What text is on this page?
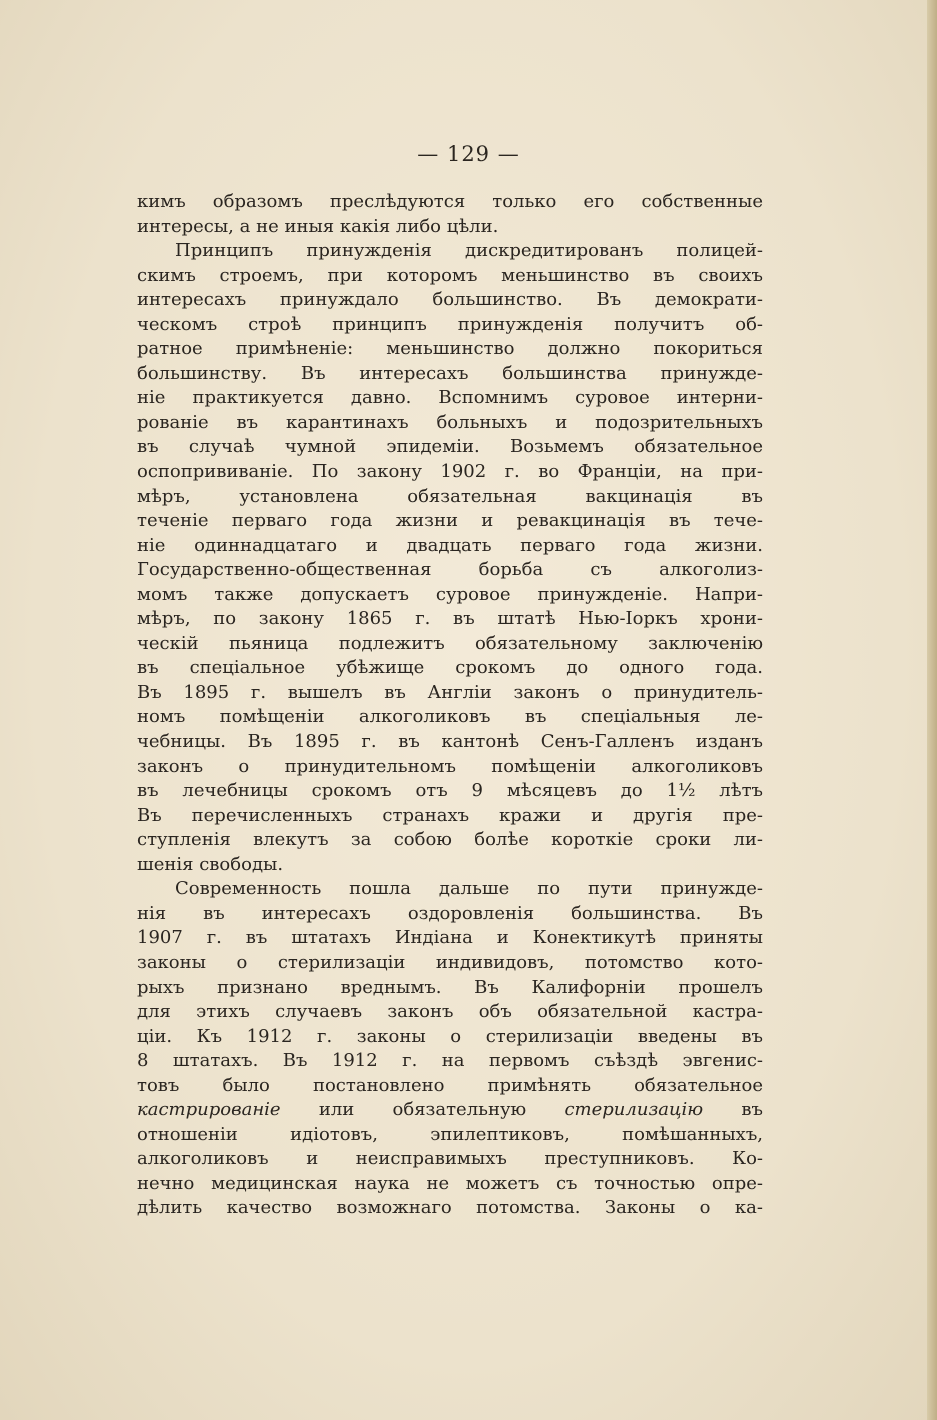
— 129 —
кимъ образомъ преслѣдуются только его собственные
интересы, а не иныя какія либо цѣли.
Принципъ принужденія дискредитированъ полицей-
скимъ строемъ, при которомъ меньшинство въ своихъ
интересахъ принуждало большинство. Въ демократи-
ческомъ строѣ принципъ принужденія получитъ об-
ратное примѣненіе: меньшинство должно покориться
большинству. Въ интересахъ большинства принужде-
ніе практикуется давно. Вспомнимъ суровое интерни-
рованіе въ карантинахъ больныхъ и подозрительныхъ
въ случаѣ чумной эпидеміи. Возьмемъ обязательное
оспопрививаніе. По закону 1902 г. во Франціи, на при-
мѣръ, установлена обязательная вакцинація въ
теченіе перваго года жизни и ревакцинація въ тече-
ніе одиннадцатаго и двадцать перваго года жизни.
Государственно-общественная борьба съ алкоголиз-
момъ также допускаетъ суровое принужденіе. Напри-
мѣръ, по закону 1865 г. въ штатѣ Нью-Іоркъ хрони-
ческій пьяница подлежитъ обязательному заключенію
въ спеціальное убѣжище срокомъ до одного года.
Въ 1895 г. вышелъ въ Англіи законъ о принудитель-
номъ помѣщеніи алкоголиковъ въ спеціальныя ле-
чебницы. Въ 1895 г. въ кантонѣ Сенъ-Галленъ изданъ
законъ о принудительномъ помѣщеніи алкоголиковъ
въ лечебницы срокомъ отъ 9 мѣсяцевъ до 1½ лѣтъ
Въ перечисленныхъ странахъ кражи и другія пре-
ступленія влекутъ за собою болѣе короткіе сроки ли-
шенія свободы.
Современность пошла дальше по пути принужде-
нія въ интересахъ оздоровленія большинства. Въ
1907 г. въ штатахъ Индіана и Конектикутѣ приняты
законы о стерилизаціи индивидовъ, потомство кото-
рыхъ признано вреднымъ. Въ Калифорніи прошелъ
для этихъ случаевъ законъ объ обязательной кастра-
ціи. Къ 1912 г. законы о стерилизаціи введены въ
8 штатахъ. Въ 1912 г. на первомъ съѣздѣ эвгенис-
товъ было постановлено примѣнять обязательное
кастрированіе или обязательную стерилизацію въ
отношеніи идіотовъ, эпилептиковъ, помѣшанныхъ,
алкоголиковъ и неисправимыхъ преступниковъ. Ко-
нечно медицинская наука не можетъ съ точностью опре-
дѣлить качество возможнаго потомства. Законы о ка-
